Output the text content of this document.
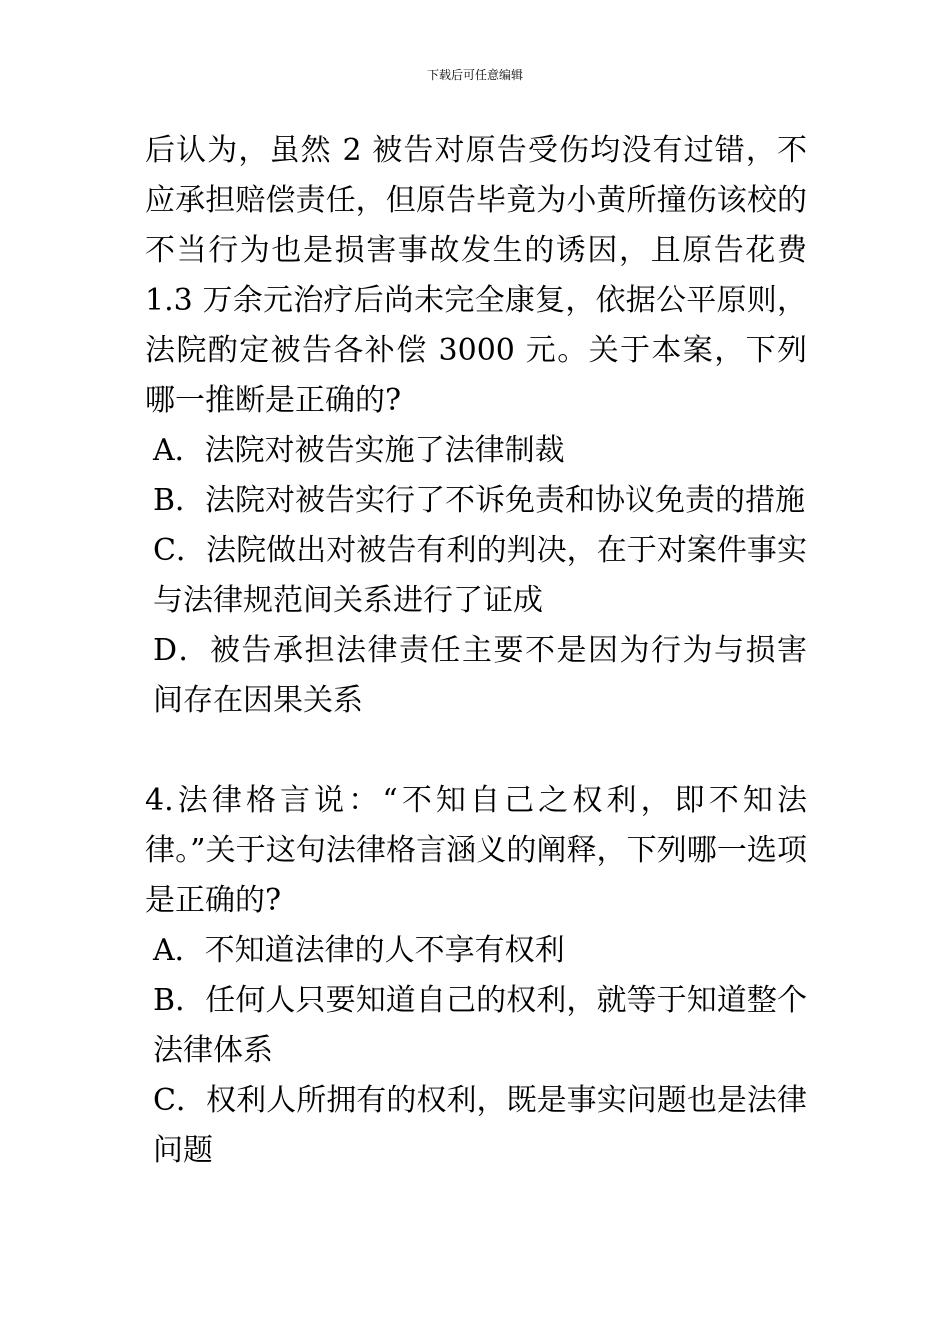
下载后可任意编辑

后认为，虽然 2 被告对原告受伤均没有过错，不应承担赔偿责任，但原告毕竟为小黄所撞伤该校的不当行为也是损害事故发生的诱因，且原告花费 1.3 万余元治疗后尚未完全康复，依据公平原则，法院酌定被告各补偿 3000 元。关于本案，下列哪一推断是正确的?

A．法院对被告实施了法律制裁

B．法院对被告实行了不诉免责和协议免责的措施

C．法院做出对被告有利的判决，在于对案件事实与法律规范间关系进行了证成

D．被告承担法律责任主要不是因为行为与损害间存在因果关系

4.法律格言说：“不知自己之权利，即不知法律。”关于这句法律格言涵义的阐释，下列哪一选项是正确的?

A．不知道法律的人不享有权利

B．任何人只要知道自己的权利，就等于知道整个法律体系

C．权利人所拥有的权利，既是事实问题也是法律问题
